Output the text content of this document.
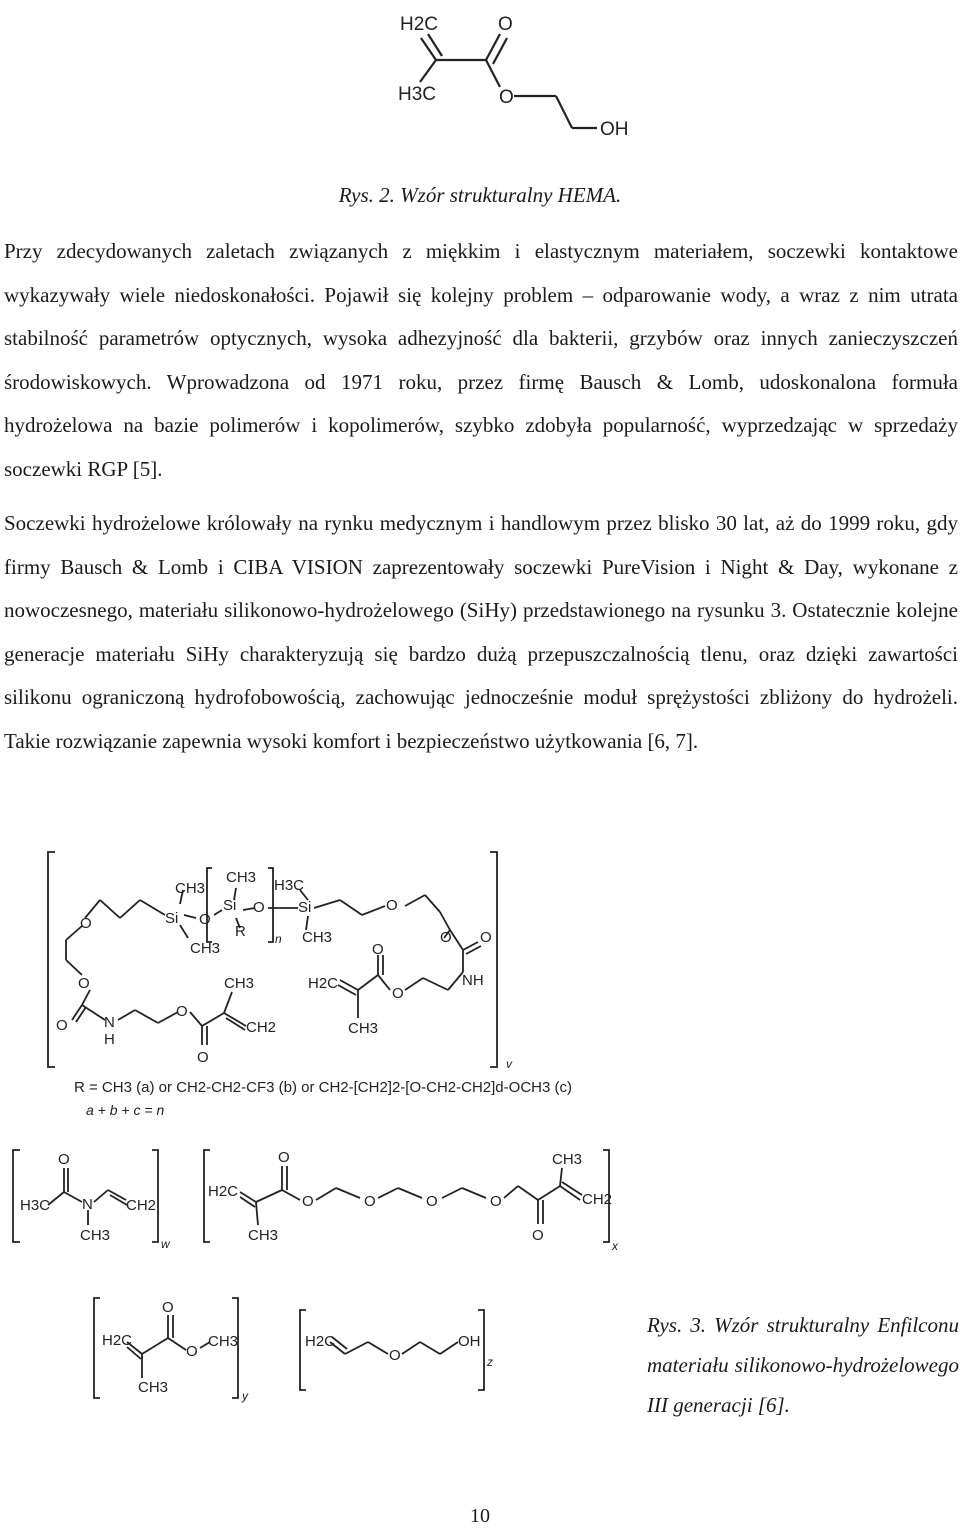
H2C	O
H3C	O
OH
Rys. 2. Wzór strukturalny HEMA.

Przy zdecydowanych zaletach związanych z miękkim i elastycznym materiałem, soczewki kontaktowe wykazywały wiele niedoskonałości. Pojawił się kolejny problem – odparowanie wody, a wraz z nim utrata stabilność parametrów optycznych, wysoka adhezyjność dla bakterii, grzybów oraz innych zanieczyszczeń środowiskowych. Wprowadzona od 1971 roku, przez firmę Bausch & Lomb, udoskonalona formuła hydrożelowa na bazie polimerów i kopolimerów, szybko zdobyła popularność, wyprzedzając w sprzedaży soczewki RGP [5].

Soczewki hydrożelowe królowały na rynku medycznym i handlowym przez blisko 30 lat, aż do 1999 roku, gdy firmy Bausch & Lomb i CIBA VISION zaprezentowały soczewki PureVision i Night & Day, wykonane z nowoczesnego, materiału silikonowo-hydrożelowego (SiHy) przedstawionego na rysunku 3. Ostatecznie kolejne generacje materiału SiHy charakteryzują się bardzo dużą przepuszczalnością tlenu, oraz dzięki zawartości silikonu ograniczoną hydrofobowością, zachowując jednocześnie moduł sprężystości zbliżony do hydrożeli. Takie rozwiązanie zapewnia wysoki komfort i bezpieczeństwo użytkowania [6, 7].

CH3
CH3	H3C
O	Si O
Si O Si	O
R n
CH3
CH3	O O
O	CH3	H2C
O
O
NH
O N
H
O
CH2	CH3
O	v
R = CH3 (a) or CH2-CH2-CF3 (b) or CH2-[CH2]2-[O-CH2-CH2]d-OCH3 (c)
a + b + c = n
O
H3C N CH2
CH3	w
H2C
O
CH3
O	O	O	O
CH3
O
CH2
x
O
H2C
O
CH3
CH3	y
H2C
O
OH
z
Rys. 3. Wzór strukturalny Enfilconu materiału silikonowo-hydrożelowego III generacji [6].
10
